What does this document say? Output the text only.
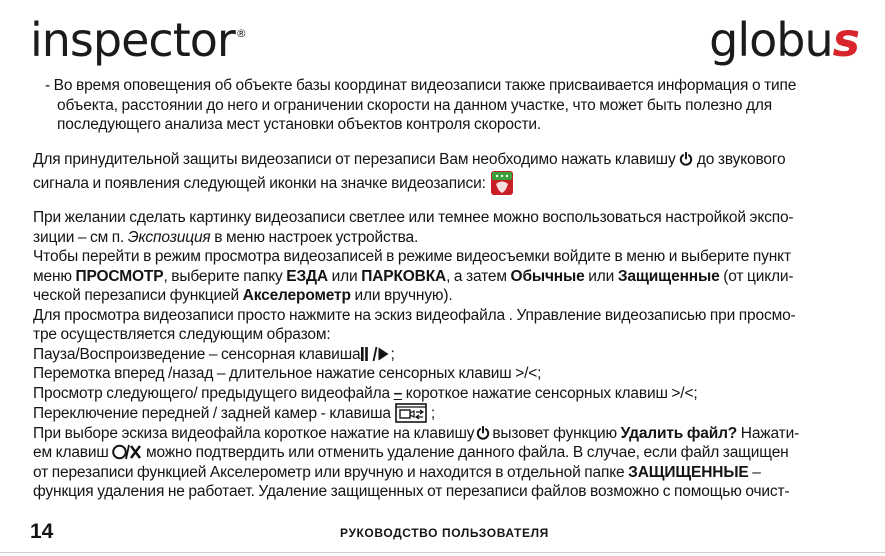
inspector®	globus
- Во время оповещения об объекте базы координат видеозаписи также присваивается информация о типе
объекта, расстоянии до него и ограничении скорости на данном участке, что может быть полезно для
последующего анализа мест установки объектов контроля скорости.
Для принудительной защиты видеозаписи от перезаписи Вам необходимо нажать клавишу до звукового
сигнала и появления следующей иконки на значке видеозаписи:
При желании сделать картинку видеозаписи светлее или темнее можно воспользоваться настройкой экспо-
зиции – см п. Экспозиция в меню настроек устройства.
Чтобы перейти в режим просмотра видеозаписей в режиме видеосъемки войдите в меню и выберите пункт
меню ПРОСМОТР, выберите папку ЕЗДА или ПАРКОВКА, а затем Обычные или Защищенные (от цикли-
ческой перезаписи функцией Акселерометр или вручную).
Для просмотра видеозаписи просто нажмите на эскиз видеофайла . Управление видеозаписью при просмо-
тре осуществляется следующим образом:
Пауза/Воспроизведение – сенсорная клавиша ;
Перемотка вперед /назад – длительное нажатие сенсорных клавиш >/<;
Просмотр следующего/ предыдущего видеофайла – короткое нажатие сенсорных клавиш >/<;
Переключение передней / задней камер - клавиша	;
При выборе эскиза видеофайла короткое нажатие на клавишу вызовет функцию Удалить файл? Нажати-
ем клавиш можно подтвердить или отменить удаление данного файла. В случае, если файл защищен
от перезаписи функцией Акселерометр или вручную и находится в отдельной папке ЗАЩИЩЕННЫЕ –
функция удаления не работает. Удаление защищенных от перезаписи файлов возможно с помощью очист-
14	РУКОВОДСТВО ПОЛЬЗОВАТЕЛЯ
